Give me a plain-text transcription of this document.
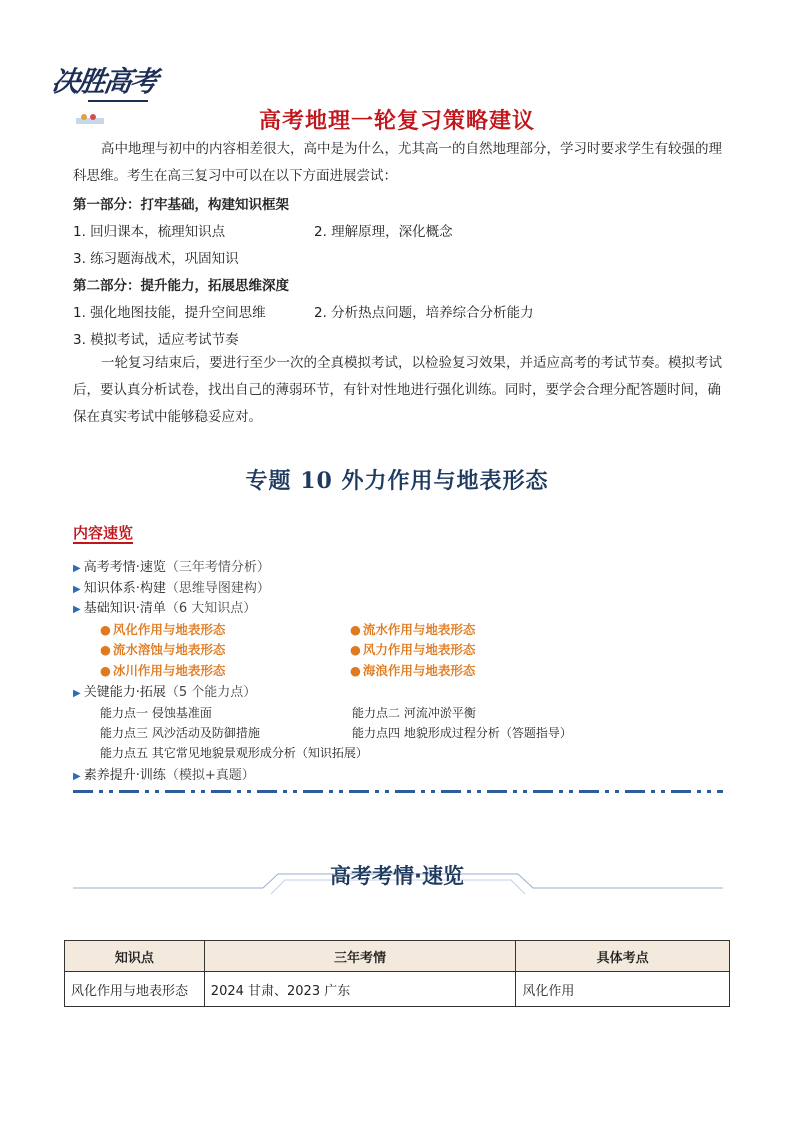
决胜高考
高考地理一轮复习策略建议
高中地理与初中的内容相差很大，高中是为什么，尤其高一的自然地理部分，学习时要求学生有较强的理科思维。考生在高三复习中可以在以下方面进展尝试：
第一部分：打牢基础，构建知识框架
1. 回归课本，梳理知识点	2. 理解原理，深化概念
3. 练习题海战术，巩固知识
第二部分：提升能力，拓展思维深度
1. 强化地图技能，提升空间思维	2. 分析热点问题，培养综合分析能力
3. 模拟考试，适应考试节奏
一轮复习结束后，要进行至少一次的全真模拟考试，以检验复习效果，并适应高考的考试节奏。模拟考试后，要认真分析试卷，找出自己的薄弱环节，有针对性地进行强化训练。同时，要学会合理分配答题时间，确保在真实考试中能够稳妥应对。
专题 10 外力作用与地表形态
内容速览
▶ 高考考情·速览（三年考情分析）
▶ 知识体系·构建（思维导图建构）
▶ 基础知识·清单（6 大知识点）
● 风化作用与地表形态	● 流水作用与地表形态
● 流水溶蚀与地表形态	● 风力作用与地表形态
● 冰川作用与地表形态	● 海浪作用与地表形态
▶ 关键能力·拓展（5 个能力点）
能力点一 侵蚀基准面	能力点二 河流冲淤平衡
能力点三 风沙活动及防御措施	能力点四 地貌形成过程分析（答题指导）
能力点五 其它常见地貌景观形成分析（知识拓展）
▶ 素养提升·训练（模拟+真题）
高考考情·速览
知识点	三年考情	具体考点
风化作用与地表形态	2024 甘肃、2023 广东	风化作用
